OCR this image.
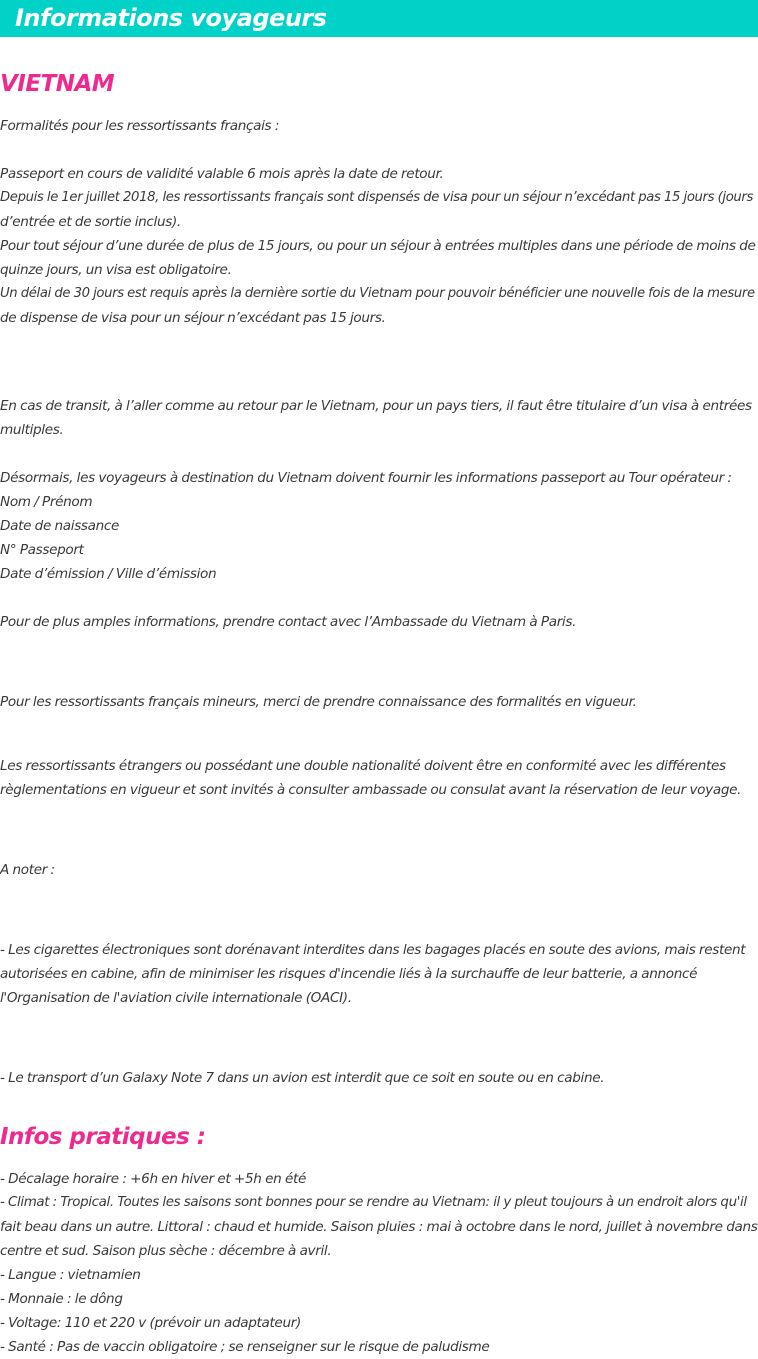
Informations voyageurs
VIETNAM

Formalités pour les ressortissants français :

Passeport en cours de validité valable 6 mois après la date de retour.

Depuis le 1er juillet 2018, les ressortissants français sont dispensés de visa pour un séjour n’excédant pas 15 jours (jours

d’entrée et de sortie inclus).

Pour tout séjour d’une durée de plus de 15 jours, ou pour un séjour à entrées multiples dans une période de moins de

quinze jours, un visa est obligatoire.

Un délai de 30 jours est requis après la dernière sortie du Vietnam pour pouvoir bénéficier une nouvelle fois de la mesure

de dispense de visa pour un séjour n’excédant pas 15 jours.

En cas de transit, à l’aller comme au retour par le Vietnam, pour un pays tiers, il faut être titulaire d’un visa à entrées

multiples.

Désormais, les voyageurs à destination du Vietnam doivent fournir les informations passeport au Tour opérateur :

Nom / Prénom

Date de naissance

N° Passeport

Date d’émission / Ville d’émission

Pour de plus amples informations, prendre contact avec l’Ambassade du Vietnam à Paris.

Pour les ressortissants français mineurs, merci de prendre connaissance des formalités en vigueur.

Les ressortissants étrangers ou possédant une double nationalité doivent être en conformité avec les différentes

règlementations en vigueur et sont invités à consulter ambassade ou consulat avant la réservation de leur voyage.

A noter :

- Les cigarettes électroniques sont dorénavant interdites dans les bagages placés en soute des avions, mais restent

autorisées en cabine, afin de minimiser les risques d'incendie liés à la surchauffe de leur batterie, a annoncé

l'Organisation de l'aviation civile internationale (OACI).

- Le transport d’un Galaxy Note 7 dans un avion est interdit que ce soit en soute ou en cabine.

Infos pratiques :

- Décalage horaire : +6h en hiver et +5h en été

- Climat : Tropical. Toutes les saisons sont bonnes pour se rendre au Vietnam: il y pleut toujours à un endroit alors qu'il

fait beau dans un autre. Littoral : chaud et humide. Saison pluies : mai à octobre dans le nord, juillet à novembre dans

centre et sud. Saison plus sèche : décembre à avril.

- Langue : vietnamien

- Monnaie : le dông

- Voltage: 110 et 220 v (prévoir un adaptateur)

- Santé : Pas de vaccin obligatoire ; se renseigner sur le risque de paludisme
